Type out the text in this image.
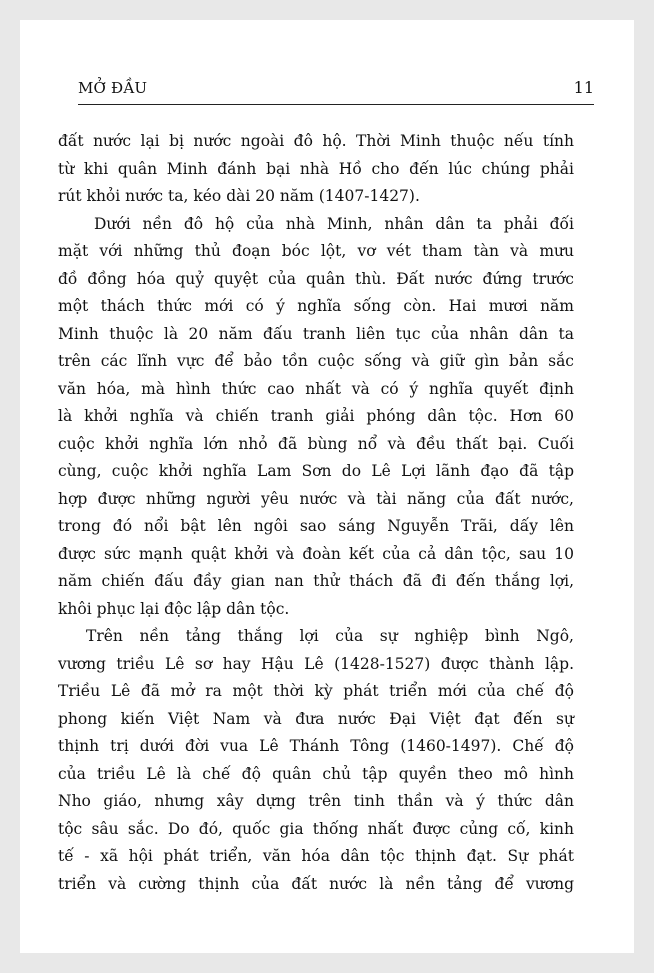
MỞ ĐẦU	11
đất nước lại bị nước ngoài đô hộ. Thời Minh thuộc nếu tính
từ khi quân Minh đánh bại nhà Hồ cho đến lúc chúng phải
rút khỏi nước ta, kéo dài 20 năm (1407-1427).
Dưới nền đô hộ của nhà Minh, nhân dân ta phải đối
mặt với những thủ đoạn bóc lột, vơ vét tham tàn và mưu
đồ đồng hóa quỷ quyệt của quân thù. Đất nước đứng trước
một thách thức mới có ý nghĩa sống còn. Hai mươi năm
Minh thuộc là 20 năm đấu tranh liên tục của nhân dân ta
trên các lĩnh vực để bảo tồn cuộc sống và giữ gìn bản sắc
văn hóa, mà hình thức cao nhất và có ý nghĩa quyết định
là khởi nghĩa và chiến tranh giải phóng dân tộc. Hơn 60
cuộc khởi nghĩa lớn nhỏ đã bùng nổ và đều thất bại. Cuối
cùng, cuộc khởi nghĩa Lam Sơn do Lê Lợi lãnh đạo đã tập
hợp được những người yêu nước và tài năng của đất nước,
trong đó nổi bật lên ngôi sao sáng Nguyễn Trãi, dấy lên
được sức mạnh quật khởi và đoàn kết của cả dân tộc, sau 10
năm chiến đấu đầy gian nan thử thách đã đi đến thắng lợi,
khôi phục lại độc lập dân tộc.
Trên nền tảng thắng lợi của sự nghiệp bình Ngô,
vương triều Lê sơ hay Hậu Lê (1428-1527) được thành lập.
Triều Lê đã mở ra một thời kỳ phát triển mới của chế độ
phong kiến Việt Nam và đưa nước Đại Việt đạt đến sự
thịnh trị dưới đời vua Lê Thánh Tông (1460-1497). Chế độ
của triều Lê là chế độ quân chủ tập quyền theo mô hình
Nho giáo, nhưng xây dựng trên tinh thần và ý thức dân
tộc sâu sắc. Do đó, quốc gia thống nhất được củng cố, kinh
tế - xã hội phát triển, văn hóa dân tộc thịnh đạt. Sự phát
triển và cường thịnh của đất nước là nền tảng để vương
